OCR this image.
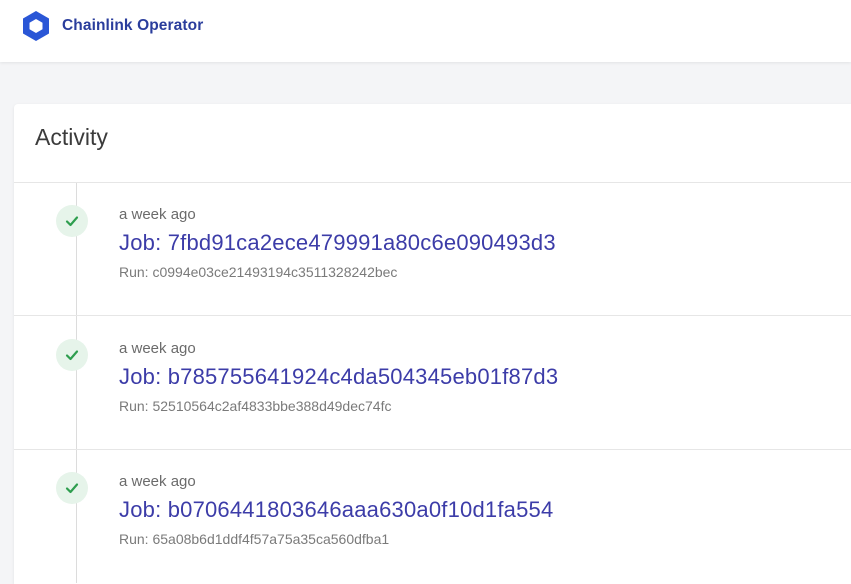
Chainlink Operator
Activity
a week ago
Job: 7fbd91ca2ece479991a80c6e090493d3
Run: c0994e03ce21493194c3511328242bec
a week ago
Job: b785755641924c4da504345eb01f87d3
Run: 52510564c2af4833bbe388d49dec74fc
a week ago
Job: b0706441803646aaa630a0f10d1fa554
Run: 65a08b6d1ddf4f57a75a35ca560dfba1
